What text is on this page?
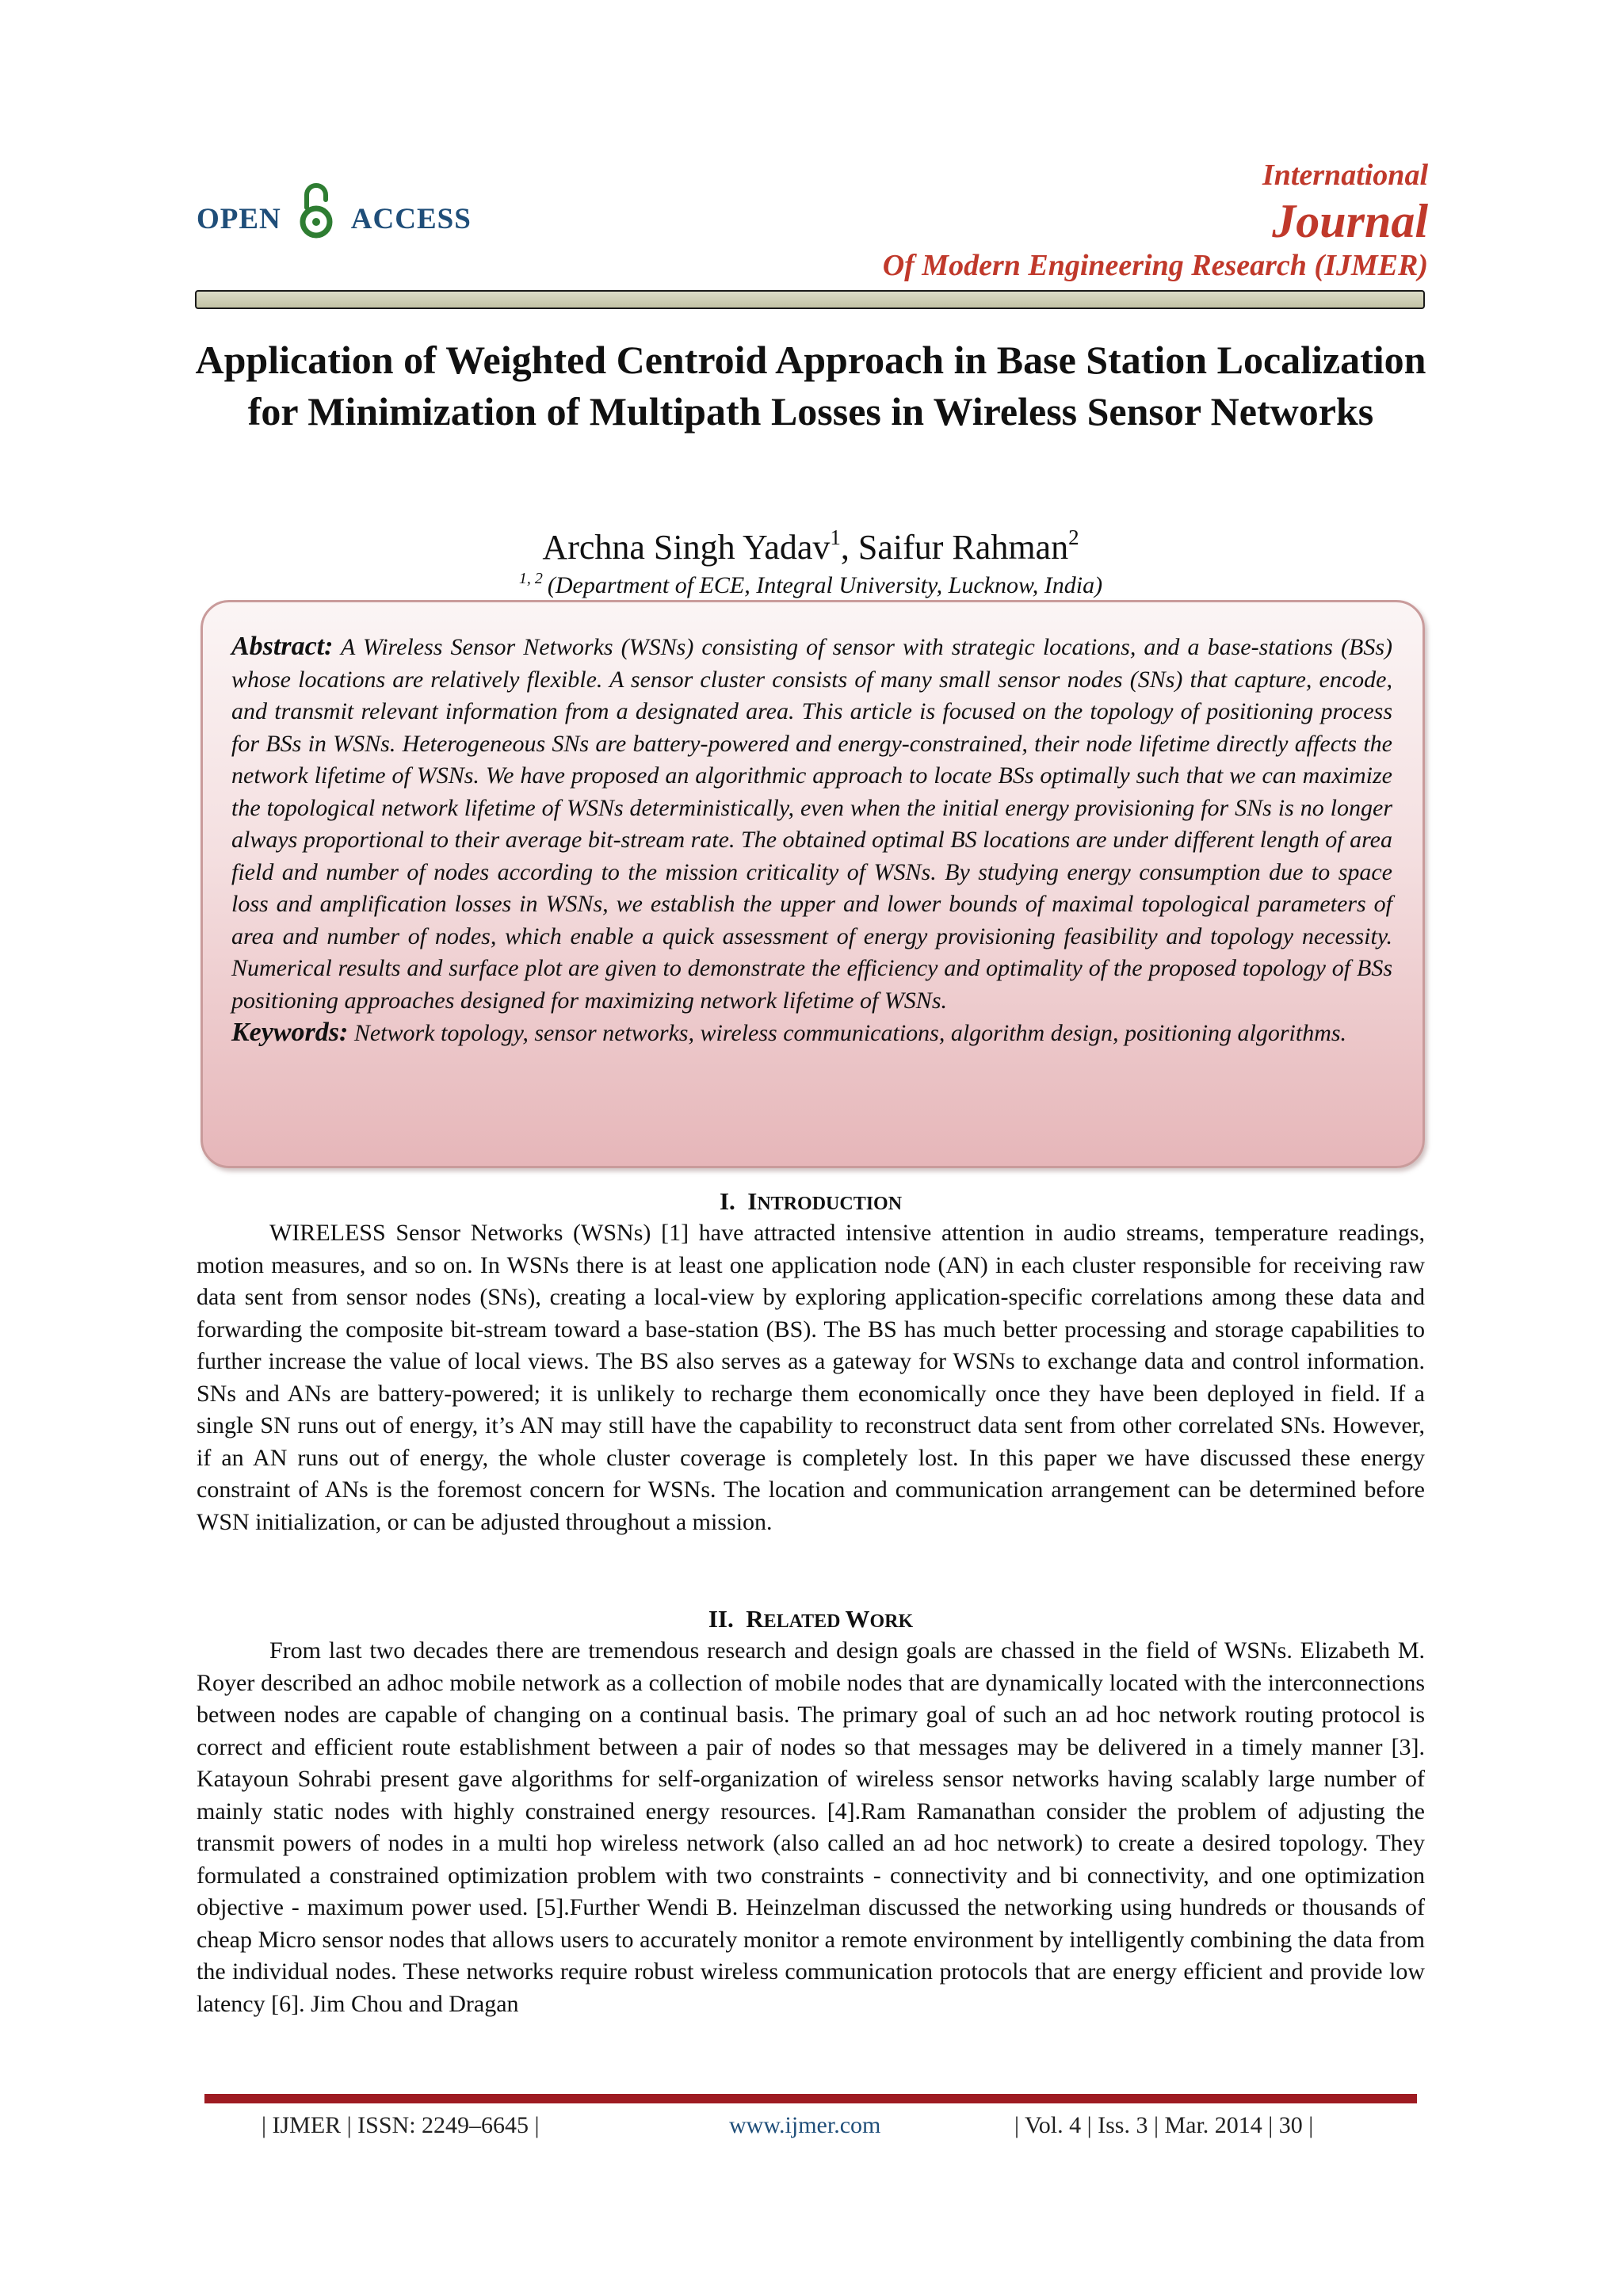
OPEN ACCESS
International
Journal
Of Modern Engineering Research (IJMER)
Application of Weighted Centroid Approach in Base Station Localization for Minimization of Multipath Losses in Wireless Sensor Networks
Archna Singh Yadav$^1$, Saifur Rahman$^2$
$^{1, 2}$ (Department of ECE, Integral University, Lucknow, India)
Abstract: A Wireless Sensor Networks (WSNs) consisting of sensor with strategic locations, and a base-stations (BSs) whose locations are relatively flexible. A sensor cluster consists of many small sensor nodes (SNs) that capture, encode, and transmit relevant information from a designated area. This article is focused on the topology of positioning process for BSs in WSNs. Heterogeneous SNs are battery-powered and energy-constrained, their node lifetime directly affects the network lifetime of WSNs. We have proposed an algorithmic approach to locate BSs optimally such that we can maximize the topological network lifetime of WSNs deterministically, even when the initial energy provisioning for SNs is no longer always proportional to their average bit-stream rate. The obtained optimal BS locations are under different length of area field and number of nodes according to the mission criticality of WSNs. By studying energy consumption due to space loss and amplification losses in WSNs, we establish the upper and lower bounds of maximal topological parameters of area and number of nodes, which enable a quick assessment of energy provisioning feasibility and topology necessity. Numerical results and surface plot are given to demonstrate the efficiency and optimality of the proposed topology of BSs positioning approaches designed for maximizing network lifetime of WSNs.
Keywords: Network topology, sensor networks, wireless communications, algorithm design, positioning algorithms.
I. INTRODUCTION
WIRELESS Sensor Networks (WSNs) [1] have attracted intensive attention in audio streams, temperature readings, motion measures, and so on. In WSNs there is at least one application node (AN) in each cluster responsible for receiving raw data sent from sensor nodes (SNs), creating a local-view by exploring application-specific correlations among these data and forwarding the composite bit-stream toward a base-station (BS). The BS has much better processing and storage capabilities to further increase the value of local views. The BS also serves as a gateway for WSNs to exchange data and control information. SNs and ANs are battery-powered; it is unlikely to recharge them economically once they have been deployed in field. If a single SN runs out of energy, it’s AN may still have the capability to reconstruct data sent from other correlated SNs. However, if an AN runs out of energy, the whole cluster coverage is completely lost. In this paper we have discussed these energy constraint of ANs is the foremost concern for WSNs. The location and communication arrangement can be determined before WSN initialization, or can be adjusted throughout a mission.
II. RELATED WORK
From last two decades there are tremendous research and design goals are chassed in the field of WSNs. Elizabeth M. Royer described an adhoc mobile network as a collection of mobile nodes that are dynamically located with the interconnections between nodes are capable of changing on a continual basis. The primary goal of such an ad hoc network routing protocol is correct and efficient route establishment between a pair of nodes so that messages may be delivered in a timely manner [3]. Katayoun Sohrabi present gave algorithms for self-organization of wireless sensor networks having scalably large number of mainly static nodes with highly constrained energy resources. [4].Ram Ramanathan consider the problem of adjusting the transmit powers of nodes in a multi hop wireless network (also called an ad hoc network) to create a desired topology. They formulated a constrained optimization problem with two constraints - connectivity and bi connectivity, and one optimization objective - maximum power used. [5].Further Wendi B. Heinzelman discussed the networking using hundreds or thousands of cheap Micro sensor nodes that allows users to accurately monitor a remote environment by intelligently combining the data from the individual nodes. These networks require robust wireless communication protocols that are energy efficient and provide low latency [6]. Jim Chou and Dragan
| IJMER | ISSN: 2249–6645 |	www.ijmer.com	| Vol. 4 | Iss. 3 | Mar. 2014 | 30 |
